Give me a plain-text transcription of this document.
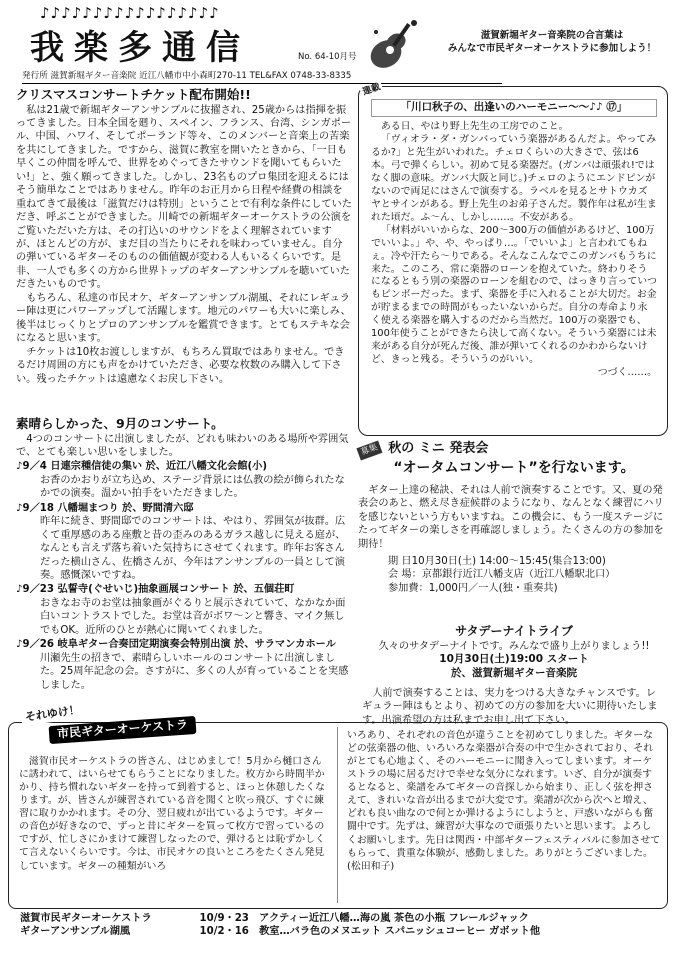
♪♪♪♪♪♪♪♪♪♪♪♪♪♪♪♪♪
我楽多通信	No. 64-10月号
滋賀新堀ギター音楽院の合言葉は
みんなで市民ギターオーケストラに参加しよう！
発行所 滋賀新堀ギター音楽院 近江八幡市中小森町270-11 TEL&FAX 0748-33-8335
クリスマスコンサートチケット配布開始!!
私は21歳で新堀ギターアンサンブルに抜擢され、25歳からは指揮を振ってきました。日本全国を廻り、スペイン、フランス、台湾、シンガポール、中国、ハワイ、そしてポーランド等々、このメンバーと音楽上の苦楽を共にしてきました。ですから、滋賀に教室を開いたときから、「一日も早くこの仲間を呼んで、世界をめぐってきたサウンドを聞いてもらいたい!」と、強く願ってきました。しかし、23名ものプロ集団を迎えるにはそう簡単なことではありません。昨年のお正月から日程や経費の相談を重ねてきて最後は「滋賀だけは特別」ということで有利な条件にしていただき、呼ぶことができました。川崎での新堀ギターオーケストラの公演をご覧いただいた方は、その打込いのサウンドをよく理解されていますが、ほとんどの方が、まだ目の当たりにそれを味わっていません。自分の弾いているギターそのものの価値観が変わる人もいるくらいです。是非、一人でも多くの方から世界トップのギターアンサンブルを聴いていただきたいものです。
もちろん、私達の市民オケ、ギターアンサンブル湖風、それにレギュラー陣は更にパワーアップして活躍します。地元のパワーも大いに楽しみ、後半はじっくりとプロのアンサンブルを鑑賞できます。とてもステキな会になると思います。
チケットは10枚お渡ししますが、もちろん買取ではありません。できるだけ周囲の方にも声をかけていただき、必要な枚数のみ購入して下さい。残ったチケットは遠慮なくお戻し下さい。
素晴らしかった、9月のコンサート。
4つのコンサートに出演しましたが、どれも味わいのある場所や雰囲気で、とても楽しい思いをしました。
♪9／4 日連宗種信徒の集い 於、近江八幡文化会館(小)
お香のかおりが立ち込め、ステージ背景には仏教の絵が飾られたなかでの演奏。温かい拍手をいただきました。
♪9／18 八幡堀まつり 於、野間清六邸
昨年に続き、野間邸でのコンサートは、やはり、雰囲気が抜群。広くて重厚感のある座敷と昔の歪みのあるガラス越しに見える庭が、なんとも言えず落ち着いた気持ちにさせてくれます。昨年お客さんだった横山さん、佐橋さんが、今年はアンサンブルの一員として演奏。感慨深いですね。
♪9／23 弘誓寺(ぐせいじ)抽象画展コンサート 於、五個荘町
おきなお寺のお堂は抽象画がぐるりと展示されていて、なかなか面白いコントラストでした。お堂は音がボワ〜ンと響き、マイク無しでもOK。近所のひとが熱心に聞いてくれました。
♪9／26 岐阜ギター合奏団定期演奏会特別出演 於、サラマンカホール
川瀬先生の招きで、素晴らしいホールのコンサートに出演しました。25周年記念の会。さすがに、多くの人が育っていることを実感しました。
連載
「川口秋子の、出逢いのハーモニー〜〜♪♪ ⑰」
ある日、やはり野上先生の工房でのこと。
「ヴィオラ・ダ・ガンバっていう楽器があるんだよ。やってみるか?」と先生がいわれた。チェロくらいの大きさで、弦は6本。弓で弾くらしい。初めて見る楽器だ。(ガンバは頑張れ!ではなく脚の意味。ガンバ大阪と同じ。)チェロのようにエンドピンがないので両足にはさんで演奏する。ラベルを見るとサトウカズヤとサインがある。野上先生のお弟子さんだ。製作年は私が生まれた頃だ。ふ〜ん、しかし……。不安がある。
「材料がいいからな、200〜300万の価値があるけど、100万でいいよ。」や、や、やっぱり…。「でいいよ」と言われてもねぇ。冷や汗たら〜りである。そんなこんなでこのガンバもうちに来た。このころ、常に楽器のローンを抱えていた。終わりそうになるともう別の楽器のローンを組むので、はっきり言っていつもピンボーだった。まず、楽器を手に入れることが大切だ。お金が貯まるまでの時間がもったいないからだ。自分の寿命より永く使える楽器を購入するのだから当然だ。100万の楽器でも、100年使うことができたら決して高くない。そういう楽器には未来がある自分が死んだ後、誰が弾いてくれるのかわからないけど、きっと残る。そういうのがいい。
つづく……。
募集 秋の ミニ 発表会
“オータムコンサート”を行ないます。
ギター上達の秘訣、それは人前で演奏することです。又、夏の発表会のあと、燃え尽き症候群のようになり、なんとなく練習にハリを感じないという方もいますね。この機会に、もう一度ステージにたってギターの楽しさを再確認しましょう。たくさんの方の参加を期待！
期 日10月30日(土) 14:00〜15:45(集合13:00)
会 場：京都銀行近江八幡支店（近江八幡駅北口）
参加費：1,000円／一人(独・重奏共)
サタデーナイトライブ
久々のサタデーナイトです。みんなで盛り上がりましょう!!
10月30日(土)19:00 スタート
於、滋賀新堀ギター音楽院
人前で演奏することは、実力をつける大きなチャンスです。レギュラー陣はもとより、初めての方の参加を大いに期待いたします。出演希望の方は私までお申し出て下さい。
それゆけ！
市民ギターオーケストラ
滋賀市民オーケストラの皆さん、はじめまして！5月から樋口さんに誘われて、はいらせてもらうことになりました。枚方から時間半かかり、持ち慣れないギターを持って到着すると、ほっと休憩したくなります。が、皆さんが練習されている音を聞くと吹っ飛び、すぐに練習に取りかかれます。その分、翌日疲れが出ているようです。ギターの音色が好きなので、ずっと昔にギターを買って枚方で習っているのですが、忙しさにかまけて練習しなったので、弾けるとは恥ずかしくて言えないくらいです。今は、市民オケの良いところをたくさん発見しています。ギターの種類がいろ
いろあり、それぞれの音色が違うことを初めてしりました。ギターなどの弦楽器の他、いろいろな楽器が合奏の中で生かされており、それがとても心地よく、そのハーモニーに聞き入ってしまいます。オーケストラの場に居るだけで幸せな気分になれます。いざ、自分が演奏するとなると、楽譜をみてギターの音探しから始まり、正しく弦を押さえて、きれいな音が出るまでが大変です。楽譜が次から次へと増え、どれも良い曲なので何とか弾けるようにしようと、戸惑いながらも奮闘中です。先ずは、練習が大事なので頑張りたいと思います。よろしくお願いします。先日は関西・中部ギターフェスティバルに参加させてもらって、貴重な体験が、感動しました。ありがとうございました。(松田和子)
滋賀市民ギターオーケストラ	10/9・23 アクティー近江八幡…海の嵐 茶色の小瓶 フレールジャック
ギターアンサンブル湖風	10/2・16 教室…バラ色のメヌエット スパニッシュコーヒー ガボット他
